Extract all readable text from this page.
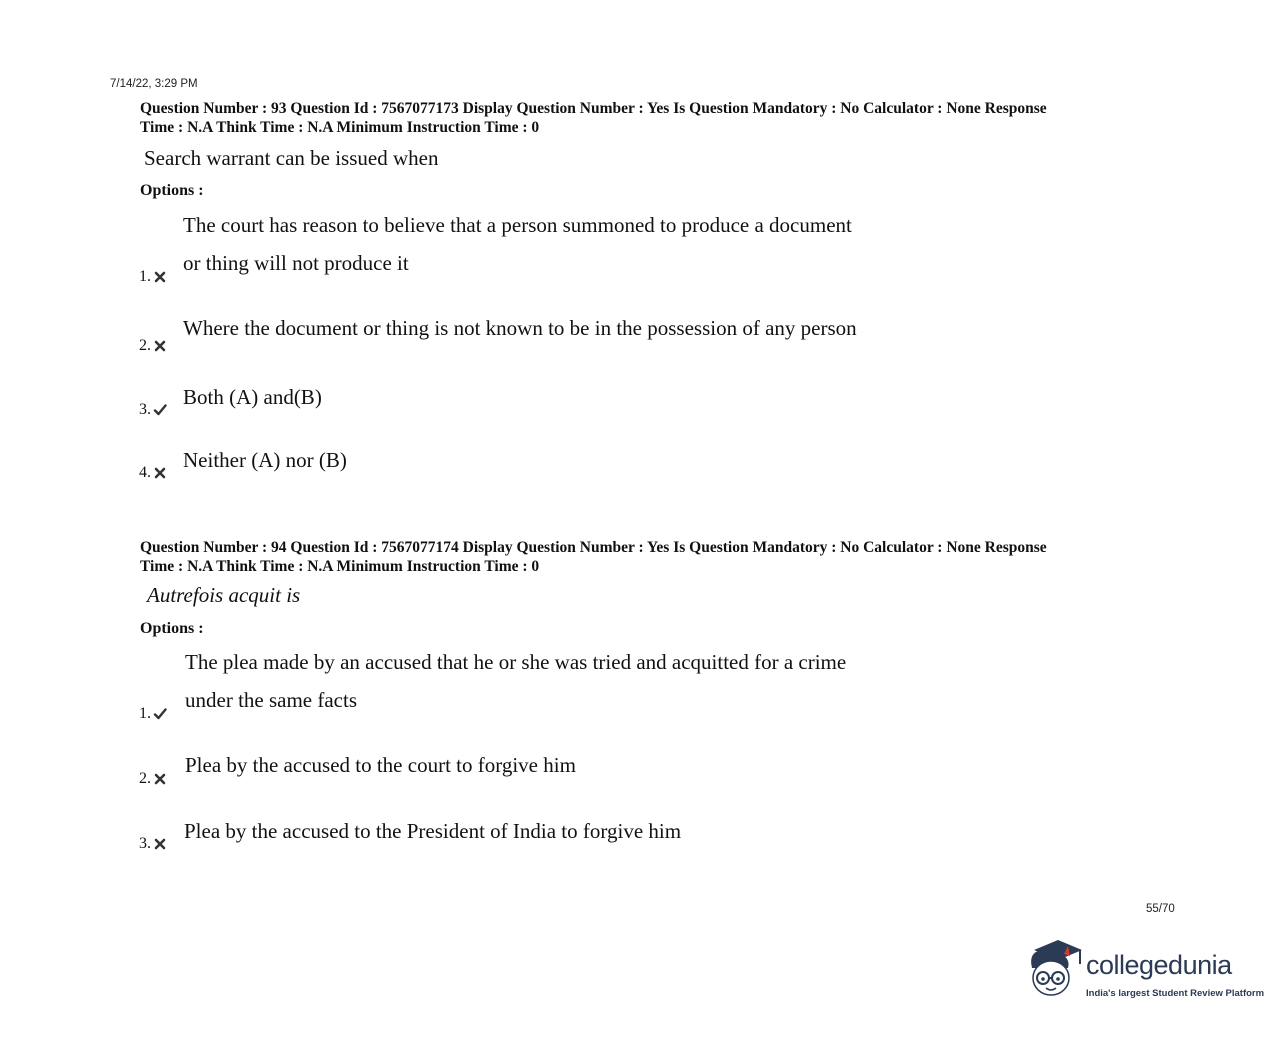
7/14/22, 3:29 PM
Question Number : 93 Question Id : 7567077173 Display Question Number : Yes Is Question Mandatory : No Calculator : None Response
Time : N.A Think Time : N.A Minimum Instruction Time : 0
Search warrant can be issued when
Options :
The court has reason to believe that a person summoned to produce a document
or thing will not produce it
1.
Where the document or thing is not known to be in the possession of any person
2.
Both (A) and(B)
3.
Neither (A) nor (B)
4.
Question Number : 94 Question Id : 7567077174 Display Question Number : Yes Is Question Mandatory : No Calculator : None Response
Time : N.A Think Time : N.A Minimum Instruction Time : 0
Autrefois acquit is
Options :
The plea made by an accused that he or she was tried and acquitted for a crime
under the same facts
1.
Plea by the accused to the court to forgive him
2.
Plea by the accused to the President of India to forgive him
3.
55/70
collegedunia
India's largest Student Review Platform
